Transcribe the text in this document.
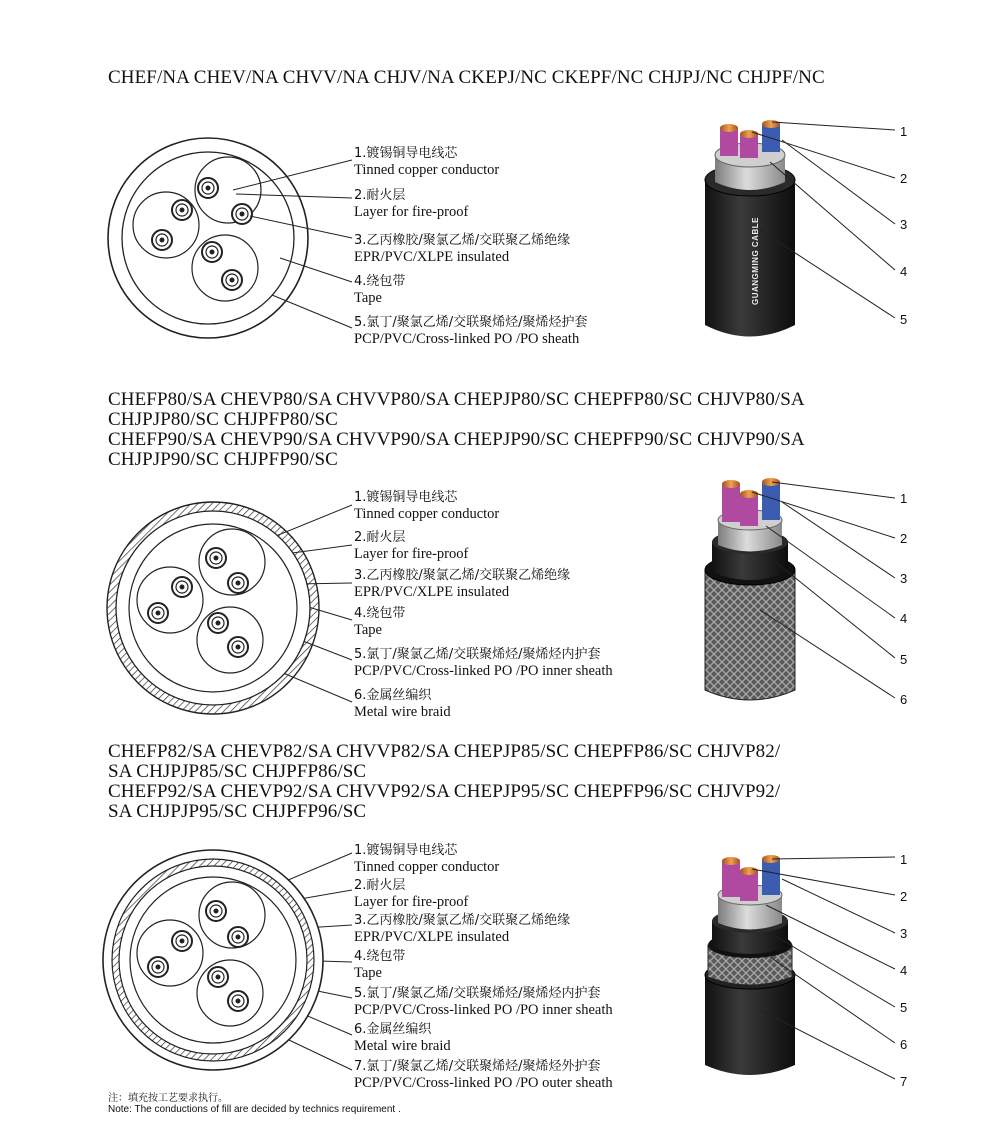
CHEF/NA CHEV/NA CHVV/NA CHJV/NA CKEPJ/NC CKEPF/NC CHJPJ/NC CHJPF/NC
1.镀锡铜导电线芯
Tinned copper conductor
2.耐火层
Layer for fire-proof
3.乙丙橡胶/聚氯乙烯/交联聚乙烯绝缘
EPR/PVC/XLPE insulated
4.绕包带
Tape
5.氯丁/聚氯乙烯/交联聚烯烃/聚烯烃护套
PCP/PVC/Cross-linked PO /PO sheath
GUANGMING CABLE
1
2
3
4
5
CHEFP80/SA CHEVP80/SA CHVVP80/SA CHEPJP80/SC CHEPFP80/SC CHJVP80/SA
CHJPJP80/SC CHJPFP80/SC
CHEFP90/SA CHEVP90/SA CHVVP90/SA CHEPJP90/SC CHEPFP90/SC CHJVP90/SA
CHJPJP90/SC CHJPFP90/SC
1.镀锡铜导电线芯
Tinned copper conductor
2.耐火层
Layer for fire-proof
3.乙丙橡胶/聚氯乙烯/交联聚乙烯绝缘
EPR/PVC/XLPE insulated
4.绕包带
Tape
5.氯丁/聚氯乙烯/交联聚烯烃/聚烯烃内护套
PCP/PVC/Cross-linked PO /PO inner sheath
6.金属丝编织
Metal wire braid
1
2
3
4
5
6
CHEFP82/SA CHEVP82/SA CHVVP82/SA CHEPJP85/SC CHEPFP86/SC CHJVP82/
SA CHJPJP85/SC CHJPFP86/SC
CHEFP92/SA CHEVP92/SA CHVVP92/SA CHEPJP95/SC CHEPFP96/SC CHJVP92/
SA CHJPJP95/SC CHJPFP96/SC
1.镀锡铜导电线芯
Tinned copper conductor
2.耐火层
Layer for fire-proof
3.乙丙橡胶/聚氯乙烯/交联聚乙烯绝缘
EPR/PVC/XLPE insulated
4.绕包带
Tape
5.氯丁/聚氯乙烯/交联聚烯烃/聚烯烃内护套
PCP/PVC/Cross-linked PO /PO inner sheath
6.金属丝编织
Metal wire braid
7.氯丁/聚氯乙烯/交联聚烯烃/聚烯烃外护套
PCP/PVC/Cross-linked PO /PO outer sheath
1
2
3
4
5
6
7
注：填充按工艺要求执行。
Note: The conductions of fill are decided by technics requirement .
